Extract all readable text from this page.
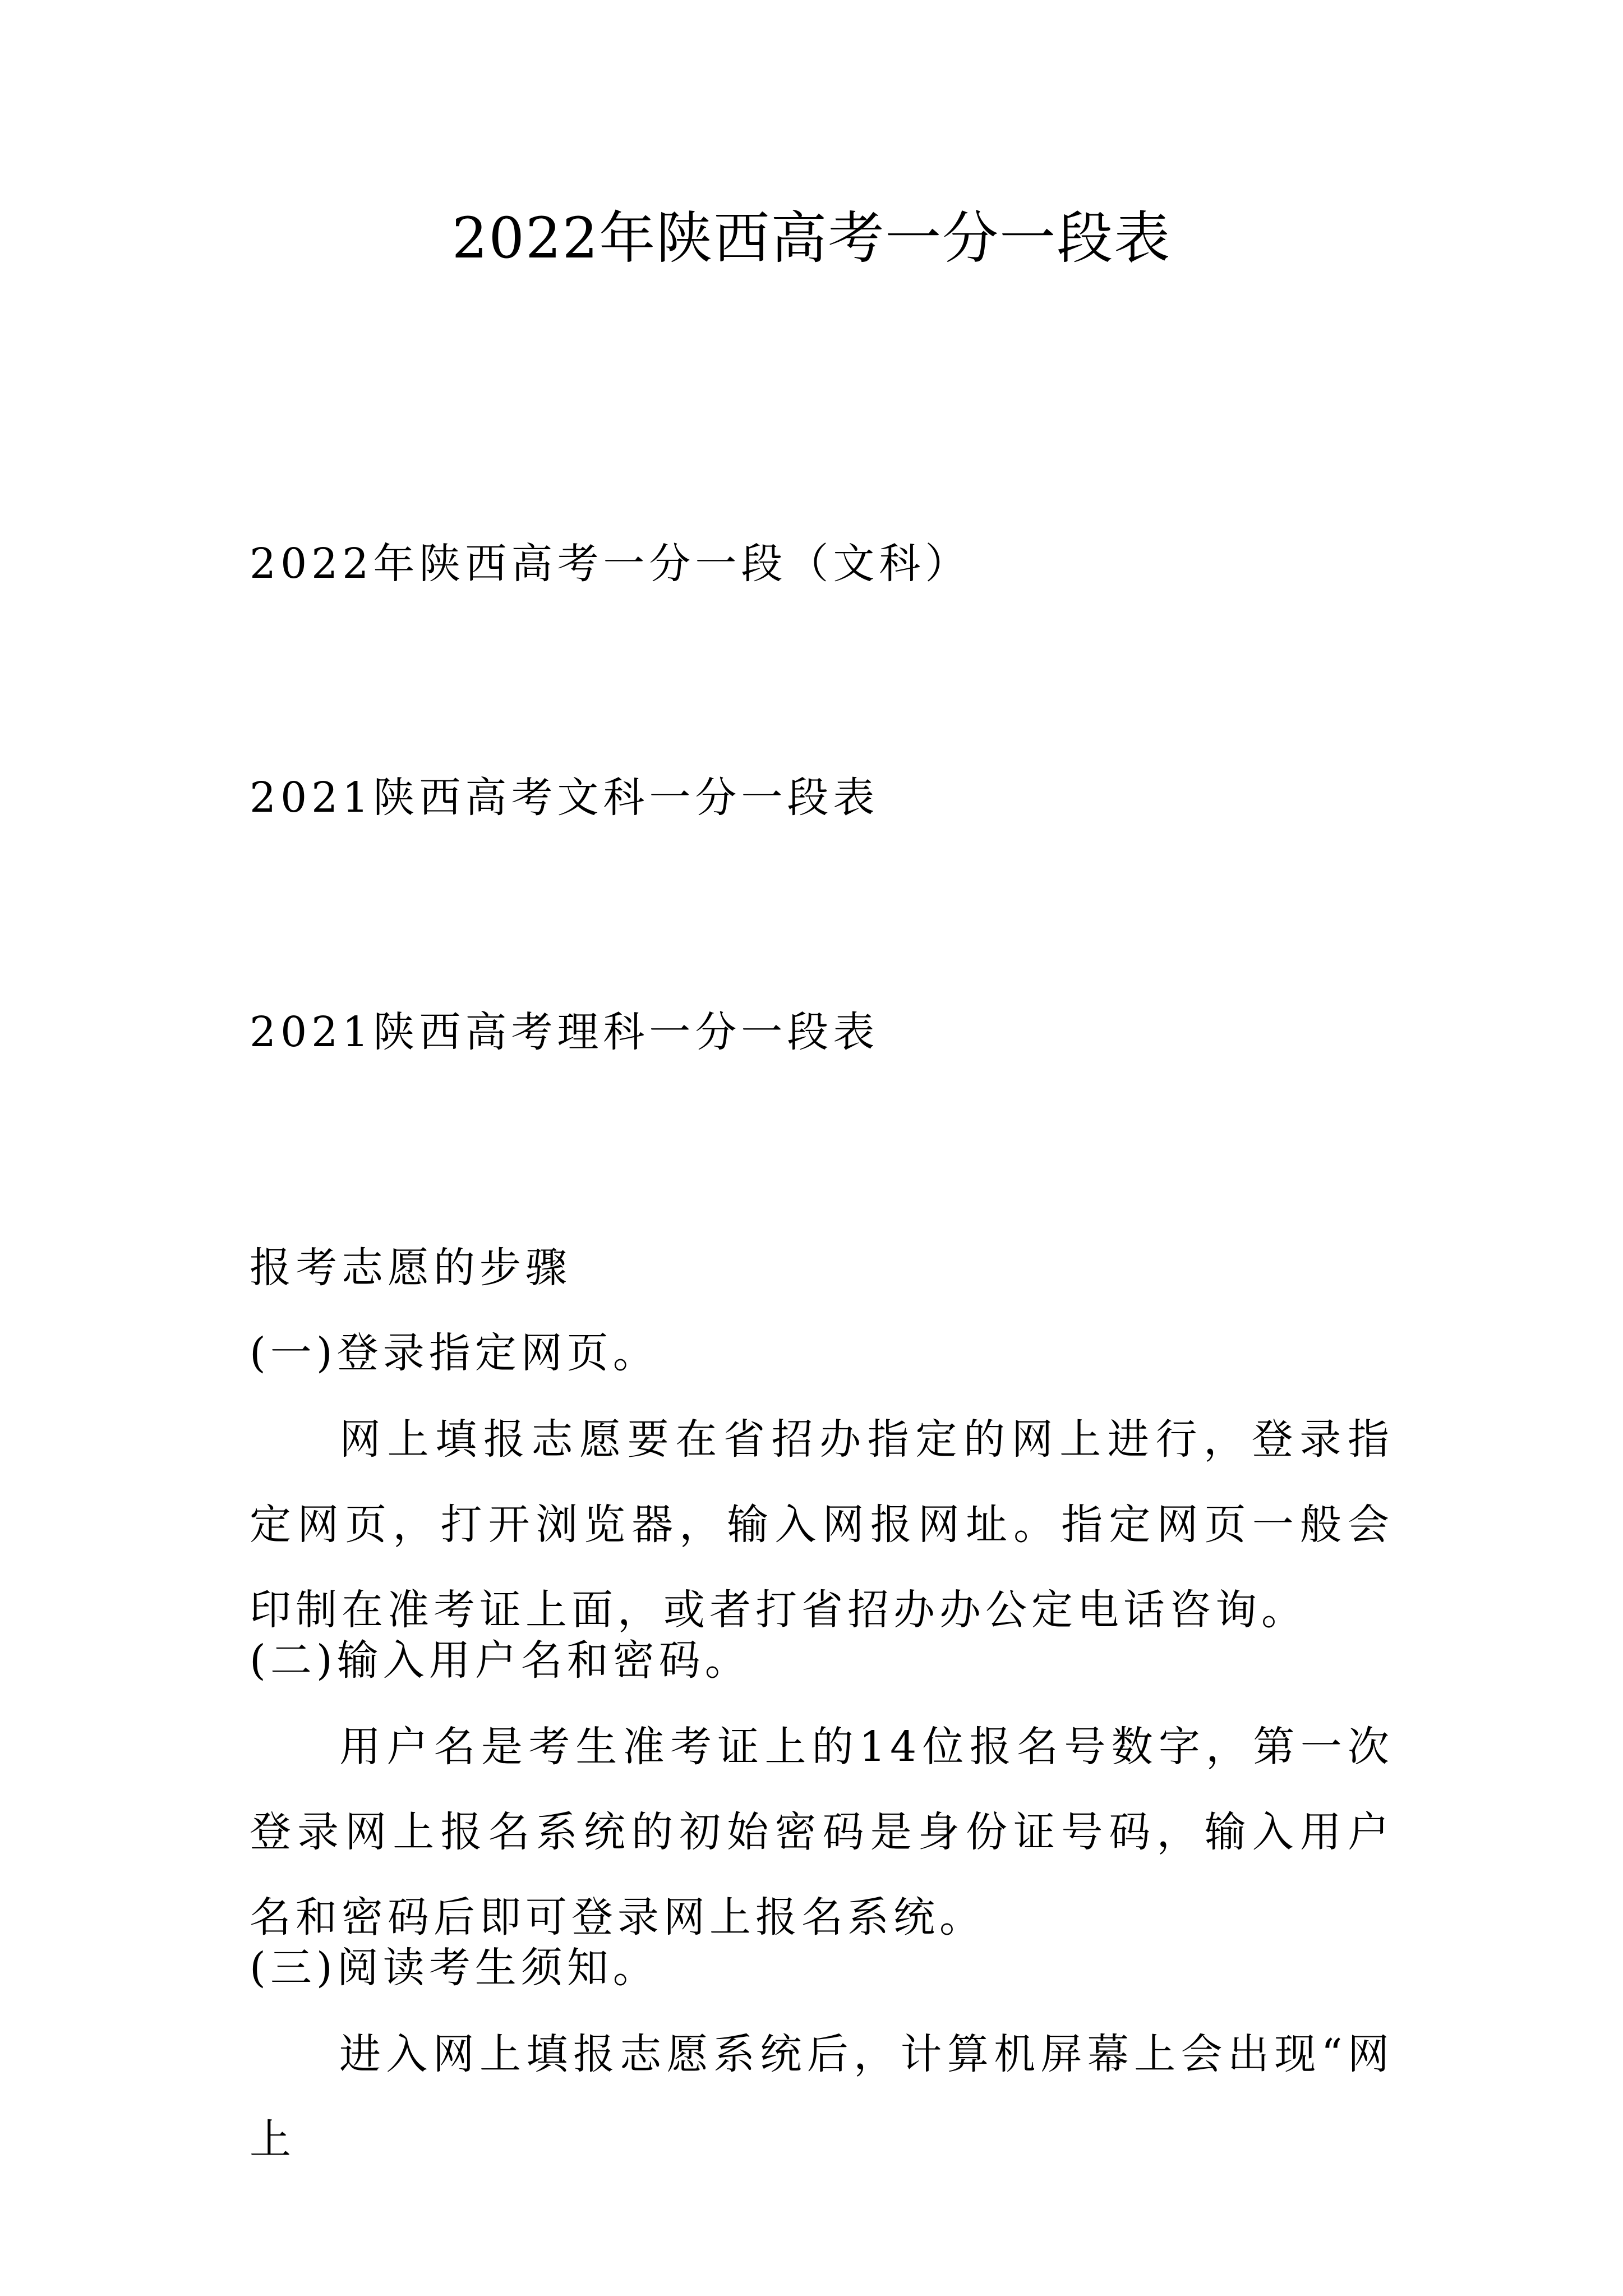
2022年陕西高考一分一段表
2022年陕西高考一分一段（文科）
2021陕西高考文科一分一段表
2021陕西高考理科一分一段表
报考志愿的步骤
(一)登录指定网页。
网上填报志愿要在省招办指定的网上进行，登录指定网页，打开浏览器，输入网报网址。指定网页一般会印制在准考证上面，或者打省招办办公定电话咨询。
(二)输入用户名和密码。
用户名是考生准考证上的14位报名号数字，第一次登录网上报名系统的初始密码是身份证号码，输入用户名和密码后即可登录网上报名系统。
(三)阅读考生须知。
进入网上填报志愿系统后，计算机屏幕上会出现“网上
